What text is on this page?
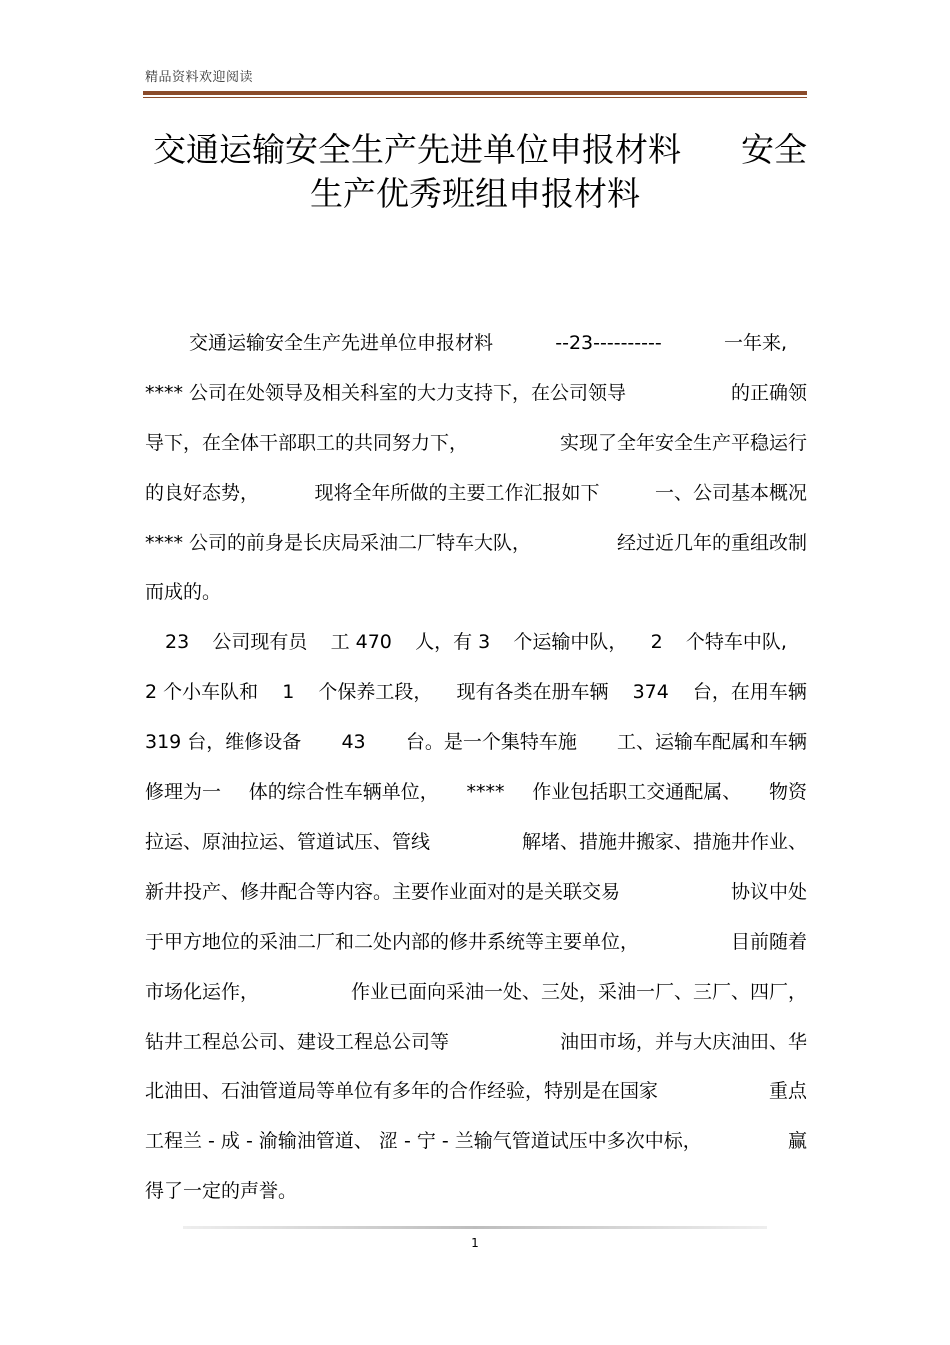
精品资料欢迎阅读
交通运输安全生产先进单位申报材料 安全
生产优秀班组申报材料
交通运输安全生产先进单位申报材料	--23----------	一年来,
**** 公司在处领导及相关科室的大力支持下，在公司领导	的正确领
导下，在全体干部职工的共同努力下，	实现了全年安全生产平稳运行
的良好态势，	现将全年所做的主要工作汇报如下	一、公司基本概况
**** 公司的前身是长庆局采油二厂特车大队，	经过近几年的重组改制
而成的。
23 公司现有员 工 470 人，有 3 个运输中队， 2 个特车中队,
2 个小车队和 1 个保养工段， 现有各类在册车辆 374 台，在用车辆
319 台，维修设备 43 台。是一个集特车施 工、运输车配属和车辆
修理为一 体的综合性车辆单位， **** 作业包括职工交通配属、 物资
拉运、原油拉运、管道试压、管线	解堵、措施井搬家、措施井作业、
新井投产、修井配合等内容。主要作业面对的是关联交易	协议中处
于甲方地位的采油二厂和二处内部的修井系统等主要单位，	目前随着
市场化运作，	作业已面向采油一处、三处，采油一厂、三厂、四厂，
钻井工程总公司、建设工程总公司等	油田市场，并与大庆油田、华
北油田、石油管道局等单位有多年的合作经验，特别是在国家	重点
工程兰 - 成 - 渝输油管道、 涩 - 宁 - 兰输气管道试压中多次中标，	赢
得了一定的声誉。
1
